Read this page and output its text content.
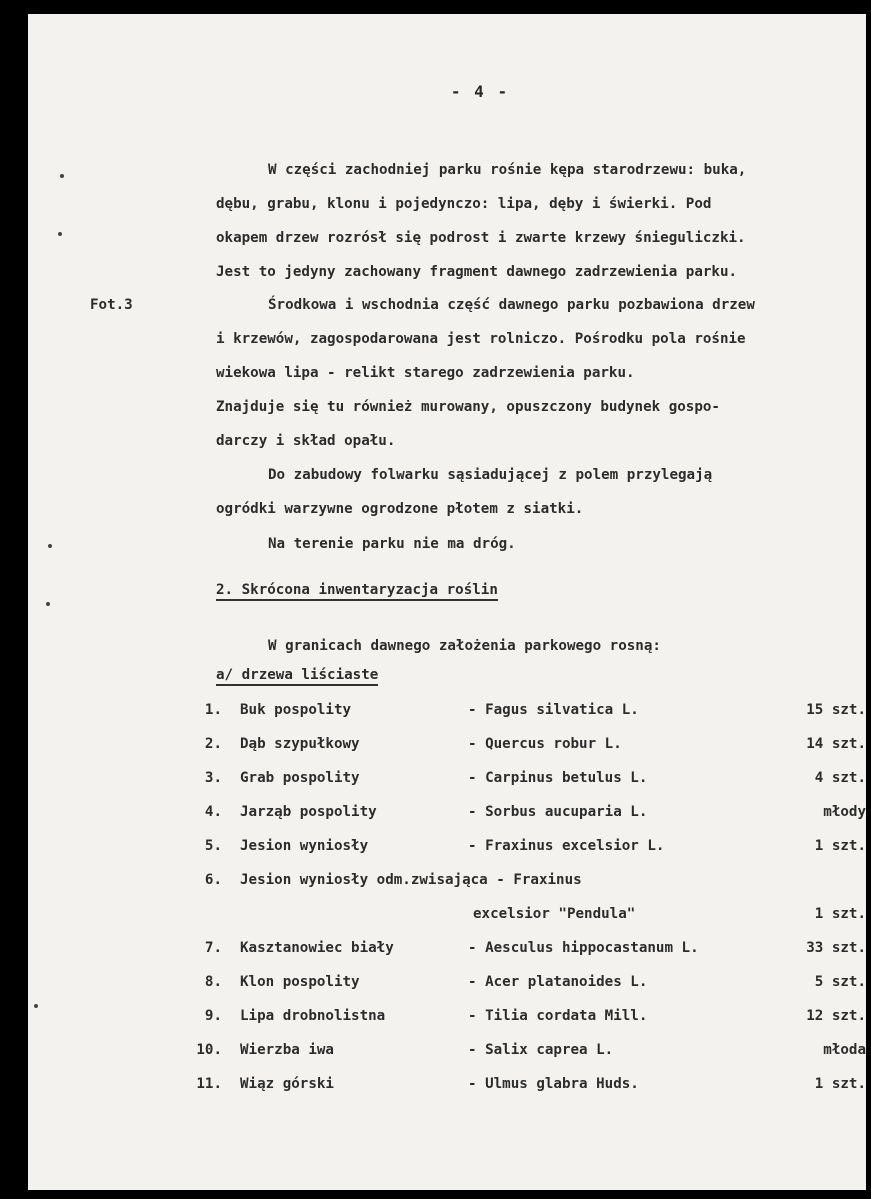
- 4 -
W części zachodniej parku rośnie kępa starodrzewu: buka,
dębu, grabu, klonu i pojedynczo: lipa, dęby i świerki. Pod
okapem drzew rozrósł się podrost i zwarte krzewy śnieguliczki.
Jest to jedyny zachowany fragment dawnego zadrzewienia parku.
Fot.3	Środkowa i wschodnia część dawnego parku pozbawiona drzew
i krzewów, zagospodarowana jest rolniczo. Pośrodku pola rośnie
wiekowa lipa - relikt starego zadrzewienia parku.
Znajduje się tu również murowany, opuszczony budynek gospo-
darczy i skład opału.
Do zabudowy folwarku sąsiadującej z polem przylegają
ogródki warzywne ogrodzone płotem z siatki.
Na terenie parku nie ma dróg.
2. Skrócona inwentaryzacja roślin
W granicach dawnego założenia parkowego rosną:
a/ drzewa liściaste
1. Buk pospolity	- Fagus silvatica L.	15 szt.
2. Dąb szypułkowy	- Quercus robur L.	14 szt.
3. Grab pospolity	- Carpinus betulus L.	4 szt.
4. Jarząb pospolity	- Sorbus aucuparia L.	młody
5. Jesion wyniosły	- Fraxinus excelsior L.	1 szt.
6. Jesion wyniosły odm.zwisająca - Fraxinus
excelsior "Pendula"	1 szt.
7. Kasztanowiec biały	- Aesculus hippocastanum L.	33 szt.
8. Klon pospolity	- Acer platanoides L.	5 szt.
9. Lipa drobnolistna	- Tilia cordata Mill.	12 szt.
10. Wierzba iwa	- Salix caprea L.	młoda
11. Wiąz górski	- Ulmus glabra Huds.	1 szt.
